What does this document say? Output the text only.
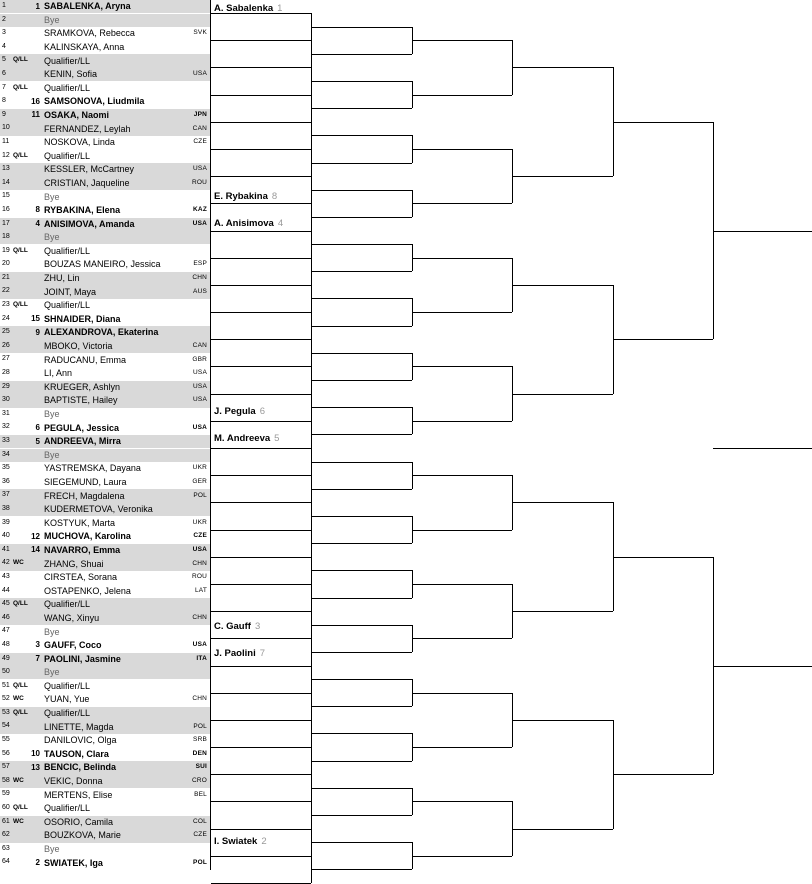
1	1 SABALENKA, Aryna
2	Bye
3	SRAMKOVA, Rebecca	SVK
4	KALINSKAYA, Anna
5 Q/LL Qualifier/LL
6	KENIN, Sofia	USA
7 Q/LL Qualifier/LL
8	16 SAMSONOVA, Liudmila
9	11 OSAKA, Naomi	JPN
10	FERNANDEZ, Leylah	CAN
11	NOSKOVA, Linda	CZE
12 Q/LL Qualifier/LL
13	KESSLER, McCartney	USA
14	CRISTIAN, Jaqueline	ROU
15	Bye
16	8 RYBAKINA, Elena	KAZ
17	4 ANISIMOVA, Amanda	USA
18	Bye
19 Q/LL Qualifier/LL
20	BOUZAS MANEIRO, Jessica	ESP
21	ZHU, Lin	CHN
22	JOINT, Maya	AUS
23 Q/LL Qualifier/LL
24	15 SHNAIDER, Diana
25	9 ALEXANDROVA, Ekaterina
26	MBOKO, Victoria	CAN
27	RADUCANU, Emma	GBR
28	LI, Ann	USA
29	KRUEGER, Ashlyn	USA
30	BAPTISTE, Hailey	USA
31	Bye
32	6 PEGULA, Jessica	USA
33	5 ANDREEVA, Mirra
34	Bye
35	YASTREMSKA, Dayana	UKR
36	SIEGEMUND, Laura	GER
37	FRECH, Magdalena	POL
38	KUDERMETOVA, Veronika
39	KOSTYUK, Marta	UKR
40	12 MUCHOVA, Karolina	CZE
41	14 NAVARRO, Emma	USA
42 WC ZHANG, Shuai	CHN
43	CIRSTEA, Sorana	ROU
44	OSTAPENKO, Jelena	LAT
45 Q/LL Qualifier/LL
46	WANG, Xinyu	CHN
47	Bye
48	3 GAUFF, Coco	USA
49	7 PAOLINI, Jasmine	ITA
50	Bye
51 Q/LL Qualifier/LL
52 WC YUAN, Yue	CHN
53 Q/LL Qualifier/LL
54	LINETTE, Magda	POL
55	DANILOVIC, Olga	SRB
56	10 TAUSON, Clara	DEN
57	13 BENCIC, Belinda	SUI
58 WC VEKIC, Donna	CRO
59	MERTENS, Elise	BEL
60 Q/LL Qualifier/LL
61 WC OSORIO, Camila	COL
62	BOUZKOVA, Marie	CZE
63	Bye
64	2 SWIATEK, Iga	POL
A. Sabalenka 1
E. Rybakina 8
A. Anisimova 4
J. Pegula 6
M. Andreeva 5
C. Gauff 3
J. Paolini 7
I. Swiatek 2
